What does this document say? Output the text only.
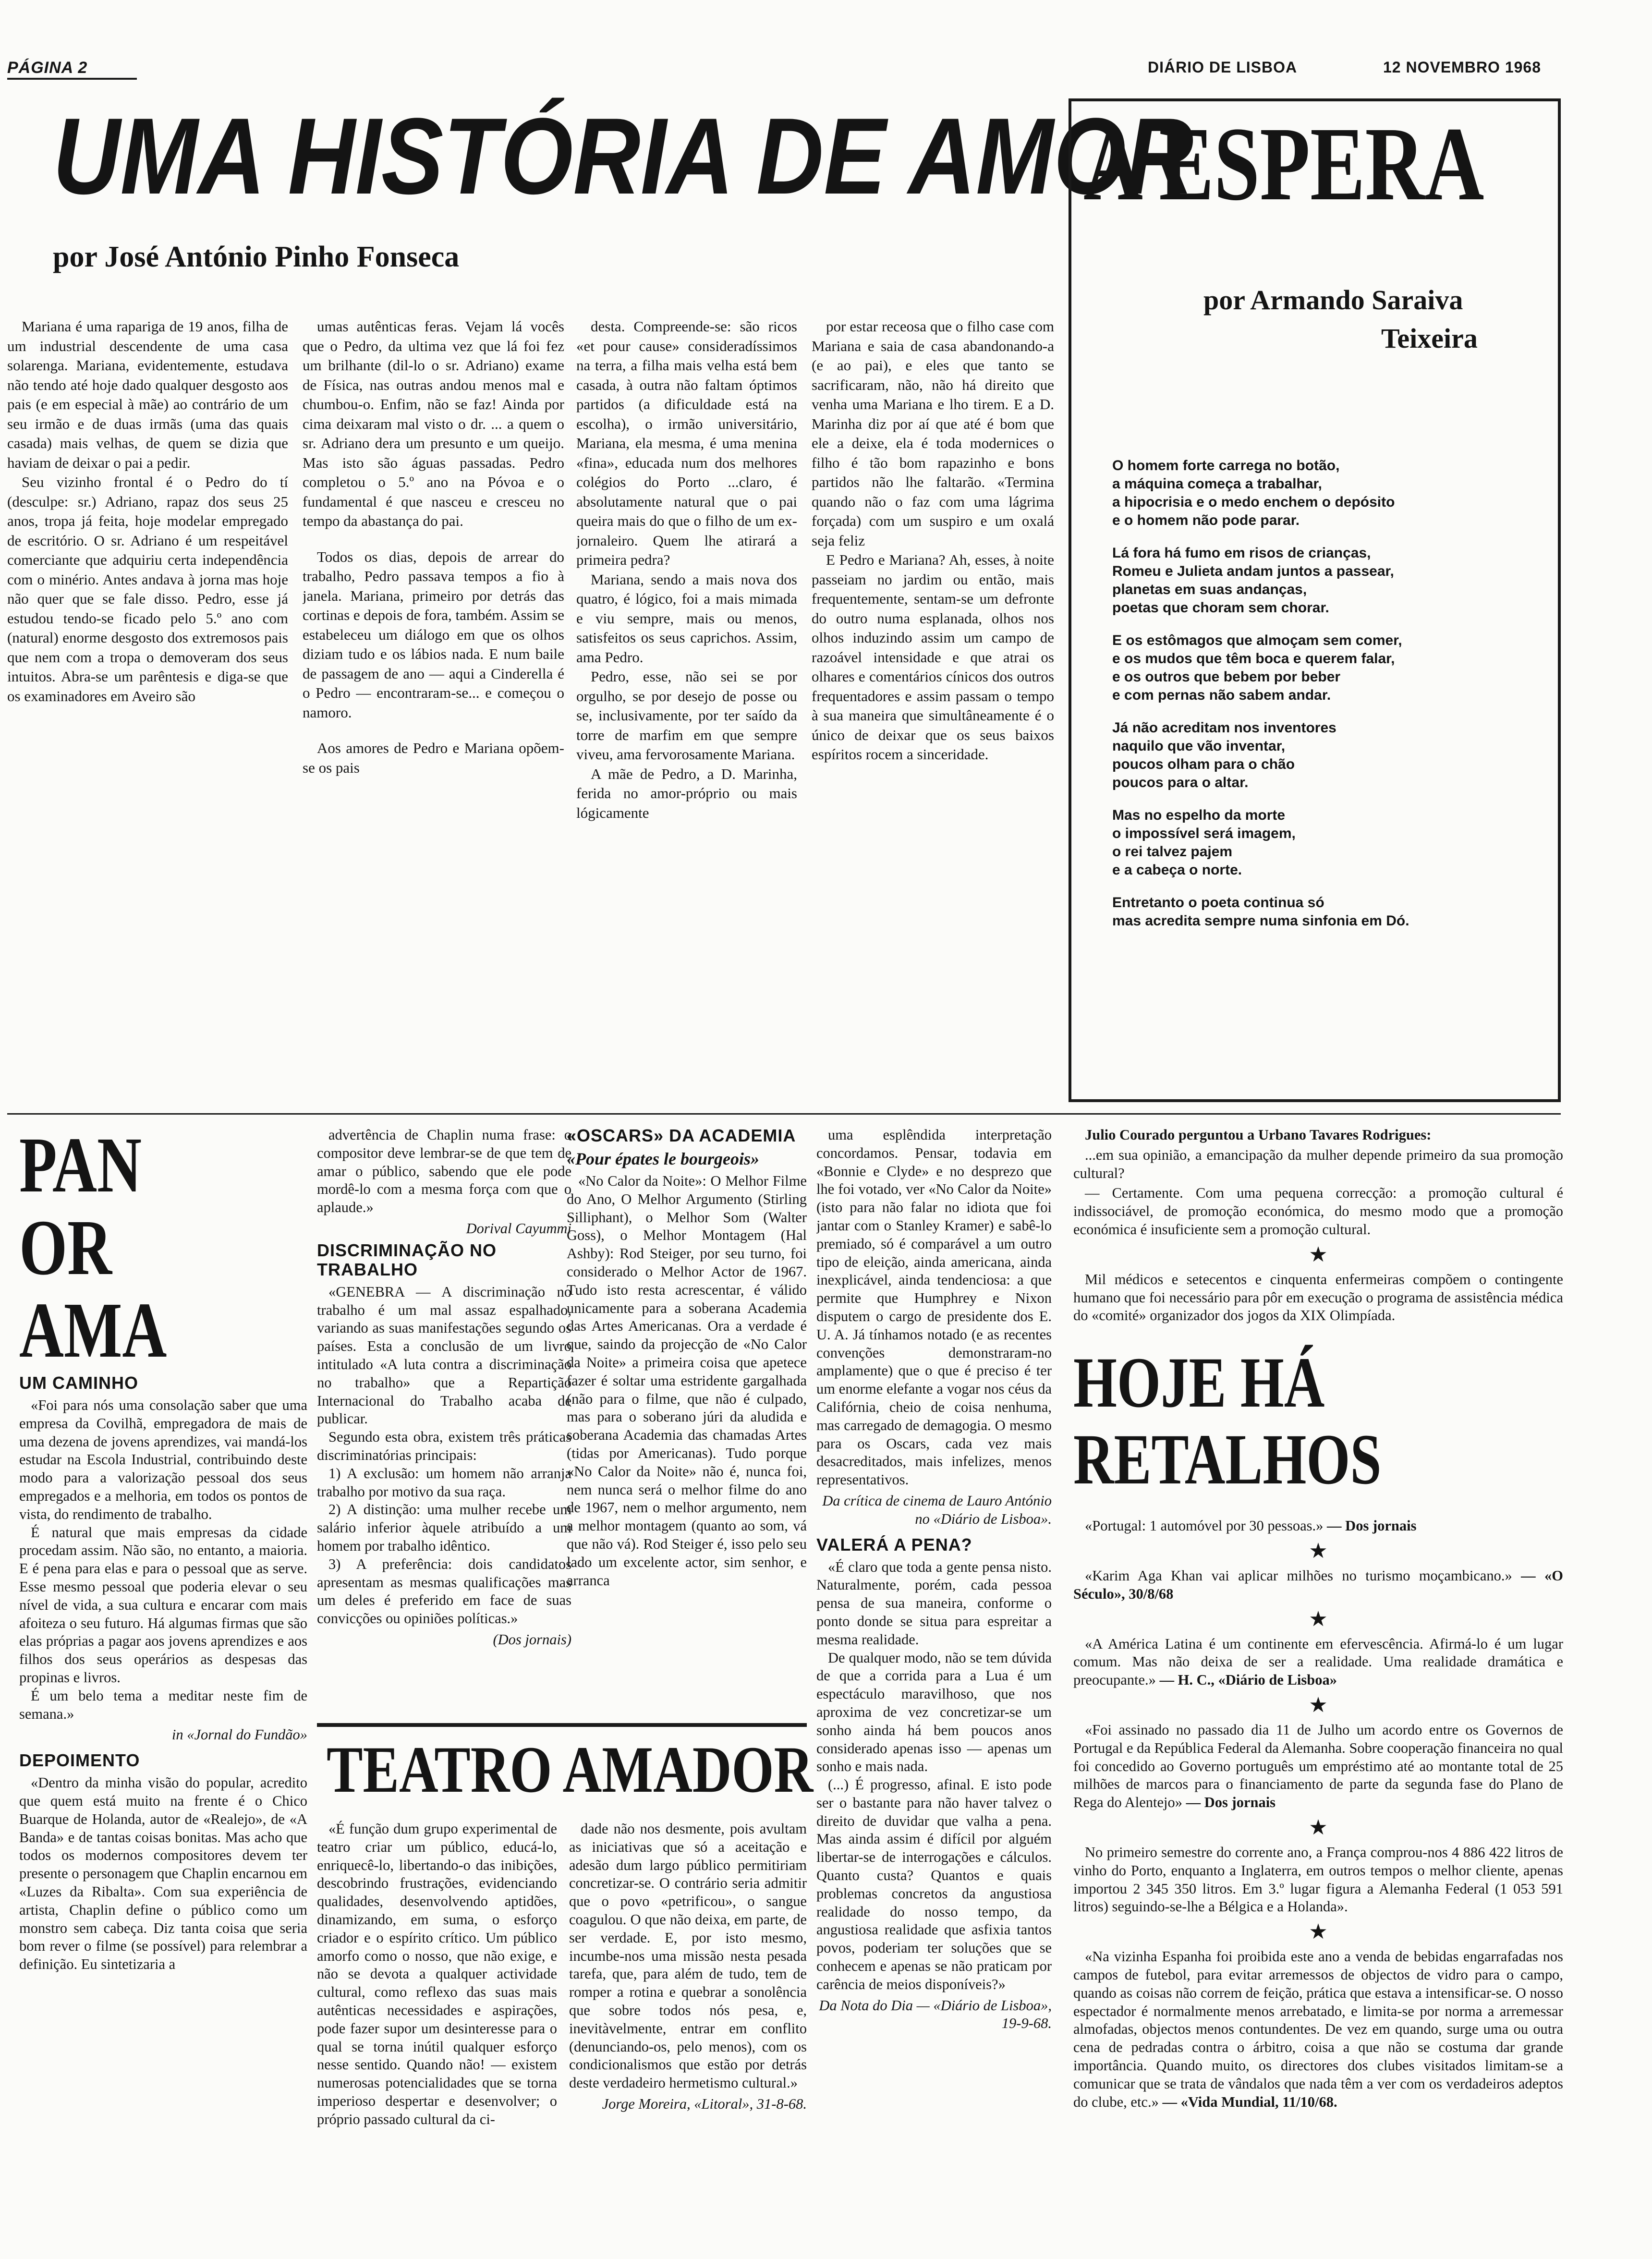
PÁGINA 2	DIÁRIO DE LISBOA	12 NOVEMBRO 1968
UMA HISTÓRIA DE AMOR
por José António Pinho Fonseca

Mariana é uma rapariga de 19 anos, filha de um industrial descendente de uma casa solarenga. Mariana, evidentemente, estudava não tendo até hoje dado qualquer desgosto aos pais (e em especial à mãe) ao contrário de um seu irmão e de duas irmãs (uma das quais casada) mais velhas, de quem se dizia que haviam de deixar o pai a pedir.

Seu vizinho frontal é o Pedro do tí (desculpe: sr.) Adriano, rapaz dos seus 25 anos, tropa já feita, hoje modelar empregado de escritório. O sr. Adriano é um respeitável comerciante que adquiriu certa independência com o minério. Antes andava à jorna mas hoje não quer que se fale disso. Pedro, esse já estudou tendo-se ficado pelo 5.º ano com (natural) enorme desgosto dos extremosos pais que nem com a tropa o demoveram dos seus intuitos. Abra-se um parêntesis e diga-se que os examinadores em Aveiro são

umas autênticas feras. Vejam lá vocês que o Pedro, da ultima vez que lá foi fez um brilhante (dil-lo o sr. Adriano) exame de Física, nas outras andou menos mal e chumbou-o. Enfim, não se faz! Ainda por cima deixaram mal visto o dr. ... a quem o sr. Adriano dera um presunto e um queijo. Mas isto são águas passadas. Pedro completou o 5.º ano na Póvoa e o fundamental é que nasceu e cresceu no tempo da abastança do pai.

Todos os dias, depois de arrear do trabalho, Pedro passava tempos a fio à janela. Mariana, primeiro por detrás das cortinas e depois de fora, também. Assim se estabeleceu um diálogo em que os olhos diziam tudo e os lábios nada. E num baile de passagem de ano — aqui a Cinderella é o Pedro — encontraram-se... e começou o namoro.

Aos amores de Pedro e Mariana opõem-se os pais

desta. Compreende-se: são ricos «et pour cause» consideradíssimos na terra, a filha mais velha está bem casada, à outra não faltam óptimos partidos (a dificuldade está na escolha), o irmão universitário, Mariana, ela mesma, é uma menina «fina», educada num dos melhores colégios do Porto ...claro, é absolutamente natural que o pai queira mais do que o filho de um ex-jornaleiro. Quem lhe atirará a primeira pedra?

Mariana, sendo a mais nova dos quatro, é lógico, foi a mais mimada e viu sempre, mais ou menos, satisfeitos os seus caprichos. Assim, ama Pedro.

Pedro, esse, não sei se por orgulho, se por desejo de posse ou se, inclusivamente, por ter saído da torre de marfim em que sempre viveu, ama fervorosamente Mariana.

A mãe de Pedro, a D. Marinha, ferida no amor-próprio ou mais lógicamente

por estar receosa que o filho case com Mariana e saia de casa abandonando-a (e ao pai), e eles que tanto se sacrificaram, não, não há direito que venha uma Mariana e lho tirem. E a D. Marinha diz por aí que até é bom que ele a deixe, ela é toda modernices o filho é tão bom rapazinho e bons partidos não lhe faltarão. «Termina quando não o faz com uma lágrima forçada) com um suspiro e um oxalá seja feliz

E Pedro e Mariana? Ah, esses, à noite passeiam no jardim ou então, mais frequentemente, sentam-se um defronte do outro numa esplanada, olhos nos olhos induzindo assim um campo de razoável intensidade e que atrai os olhares e comentários cínicos dos outros frequentadores e assim passam o tempo à sua maneira que simultâneamente é o único de deixar que os seus baixos espíritos rocem a sinceridade.

A ESPERA
por Armando Saraiva
Teixeira
O homem forte carrega no botão,
a máquina começa a trabalhar,
a hipocrisia e o medo enchem o depósito
e o homem não pode parar.
Lá fora há fumo em risos de crianças,
Romeu e Julieta andam juntos a passear,
planetas em suas andanças,
poetas que choram sem chorar.
E os estômagos que almoçam sem comer,
e os mudos que têm boca e querem falar,
e os outros que bebem por beber
e com pernas não sabem andar.
Já não acreditam nos inventores
naquilo que vão inventar,
poucos olham para o chão
poucos para o altar.
Mas no espelho da morte
o impossível será imagem,
o rei talvez pajem
e a cabeça o norte.
Entretanto o poeta continua só
mas acredita sempre numa sinfonia em Dó.
PAN
OR
AMA
UM CAMINHO

«Foi para nós uma consolação saber que uma empresa da Covilhã, empregadora de mais de uma dezena de jovens aprendizes, vai mandá-los estudar na Escola Industrial, contribuindo deste modo para a valorização pessoal dos seus empregados e a melhoria, em todos os pontos de vista, do rendimento de trabalho.

É natural que mais empresas da cidade procedam assim. Não são, no entanto, a maioria. E é pena para elas e para o pessoal que as serve. Esse mesmo pessoal que poderia elevar o seu nível de vida, a sua cultura e encarar com mais afoiteza o seu futuro. Há algumas firmas que são elas próprias a pagar aos jovens aprendizes e aos filhos dos seus operários as despesas das propinas e livros.

É um belo tema a meditar neste fim de semana.»

in «Jornal do Fundão»
DEPOIMENTO

«Dentro da minha visão do popular, acredito que quem está muito na frente é o Chico Buarque de Holanda, autor de «Realejo», de «A Banda» e de tantas coisas bonitas. Mas acho que todos os modernos compositores devem ter presente o personagem que Chaplin encarnou em «Luzes da Ribalta». Com sua experiência de artista, Chaplin define o público como um monstro sem cabeça. Diz tanta coisa que seria bom rever o filme (se possível) para relembrar a definição. Eu sintetizaria a

advertência de Chaplin numa frase: o compositor deve lembrar-se de que tem de amar o público, sabendo que ele pode mordê-lo com a mesma força com que o aplaude.»

Dorival Cayummi
DISCRIMINAÇÃO NO TRABALHO

«GENEBRA — A discriminação no trabalho é um mal assaz espalhado, variando as suas manifestações segundo os países. Esta a conclusão de um livro intitulado «A luta contra a discriminação no trabalho» que a Repartição Internacional do Trabalho acaba de publicar.

Segundo esta obra, existem três práticas discriminatórias principais:

1) A exclusão: um homem não arranja trabalho por motivo da sua raça.

2) A distinção: uma mulher recebe um salário inferior àquele atribuído a um homem por trabalho idêntico.

3) A preferência: dois candidatos apresentam as mesmas qualificações mas um deles é preferido em face de suas convicções ou opiniões políticas.»

(Dos jornais)
«OSCARS» DA ACADEMIA
«Pour épates le bourgeois»

«No Calor da Noite»: O Melhor Filme do Ano, O Melhor Argumento (Stirling Silliphant), o Melhor Som (Walter Goss), o Melhor Montagem (Hal Ashby): Rod Steiger, por seu turno, foi considerado o Melhor Actor de 1967. Tudo isto resta acrescentar, é válido unicamente para a soberana Academia das Artes Americanas. Ora a verdade é que, saindo da projecção de «No Calor da Noite» a primeira coisa que apetece fazer é soltar uma estridente gargalhada (não para o filme, que não é culpado, mas para o soberano júri da aludida e soberana Academia das chamadas Artes (tidas por Americanas). Tudo porque «No Calor da Noite» não é, nunca foi, nem nunca será o melhor filme do ano de 1967, nem o melhor argumento, nem a melhor montagem (quanto ao som, vá que não vá). Rod Steiger é, isso pelo seu lado um excelente actor, sim senhor, e arranca

uma esplêndida interpretação concordamos. Pensar, todavia em «Bonnie e Clyde» e no desprezo que lhe foi votado, ver «No Calor da Noite» (isto para não falar no idiota que foi jantar com o Stanley Kramer) e sabê-lo premiado, só é comparável a um outro tipo de eleição, ainda americana, ainda inexplicável, ainda tendenciosa: a que permite que Humphrey e Nixon disputem o cargo de presidente dos E. U. A. Já tínhamos notado (e as recentes convenções demonstraram-no amplamente) que o que é preciso é ter um enorme elefante a vogar nos céus da Califórnia, cheio de coisa nenhuma, mas carregado de demagogia. O mesmo para os Oscars, cada vez mais desacreditados, mais infelizes, menos representativos.

Da crítica de cinema de Lauro António no «Diário de Lisboa».
VALERÁ A PENA?

«É claro que toda a gente pensa nisto. Naturalmente, porém, cada pessoa pensa de sua maneira, conforme o ponto donde se situa para espreitar a mesma realidade.

De qualquer modo, não se tem dúvida de que a corrida para a Lua é um espectáculo maravilhoso, que nos aproxima de vez concretizar-se um sonho ainda há bem poucos anos considerado apenas isso — apenas um sonho e mais nada.

(...) É progresso, afinal. E isto pode ser o bastante para não haver talvez o direito de duvidar que valha a pena. Mas ainda assim é difícil por alguém libertar-se de interrogações e cálculos. Quanto custa? Quantos e quais problemas concretos da angustiosa realidade do nosso tempo, da angustiosa realidade que asfixia tantos povos, poderiam ter soluções que se conhecem e apenas se não praticam por carência de meios disponíveis?»

Da Nota do Dia — «Diário de Lisboa», 19-9-68.
TEATRO AMADOR

«É função dum grupo experimental de teatro criar um público, educá-lo, enriquecê-lo, libertando-o das inibições, descobrindo frustrações, evidenciando qualidades, desenvolvendo aptidões, dinamizando, em suma, o esforço criador e o espírito crítico. Um público amorfo como o nosso, que não exige, e não se devota a qualquer actividade cultural, como reflexo das suas mais autênticas necessidades e aspirações, pode fazer supor um desinteresse para o qual se torna inútil qualquer esforço nesse sentido. Quando não! — existem numerosas potencialidades que se torna imperioso despertar e desenvolver; o próprio passado cultural da ci-

dade não nos desmente, pois avultam as iniciativas que só a aceitação e adesão dum largo público permitiriam concretizar-se. O contrário seria admitir que o povo «petrificou», o sangue coagulou. O que não deixa, em parte, de ser verdade. E, por isto mesmo, incumbe-nos uma missão nesta pesada tarefa, que, para além de tudo, tem de romper a rotina e quebrar a sonolência que sobre todos nós pesa, e, inevitàvelmente, entrar em conflito (denunciando-os, pelo menos), com os condicionalismos que estão por detrás deste verdadeiro hermetismo cultural.»

Jorge Moreira, «Litoral», 31-8-68.

Julio Courado perguntou a Urbano Tavares Rodrigues:

...em sua opinião, a emancipação da mulher depende primeiro da sua promoção cultural?

— Certamente. Com uma pequena correcção: a promoção cultural é indissociável, de promoção económica, do mesmo modo que a promoção económica é insuficiente sem a promoção cultural.

★

Mil médicos e setecentos e cinquenta enfermeiras compõem o contingente humano que foi necessário para pôr em execução o programa de assistência médica do «comité» organizador dos jogos da XIX Olimpíada.

HOJE HÁ
RETALHOS

«Portugal: 1 automóvel por 30 pessoas.» — Dos jornais

★

«Karim Aga Khan vai aplicar milhões no turismo moçambicano.» — «O Século», 30/8/68

★

«A América Latina é um continente em efervescência. Afirmá-lo é um lugar comum. Mas não deixa de ser a realidade. Uma realidade dramática e preocupante.» — H. C., «Diário de Lisboa»

★

«Foi assinado no passado dia 11 de Julho um acordo entre os Governos de Portugal e da República Federal da Alemanha. Sobre cooperação financeira no qual foi concedido ao Governo português um empréstimo até ao montante total de 25 milhões de marcos para o financiamento de parte da segunda fase do Plano de Rega do Alentejo» — Dos jornais

★

No primeiro semestre do corrente ano, a França comprou-nos 4 886 422 litros de vinho do Porto, enquanto a Inglaterra, em outros tempos o melhor cliente, apenas importou 2 345 350 litros. Em 3.º lugar figura a Alemanha Federal (1 053 591 litros) seguindo-se-lhe a Bélgica e a Holanda».

★

«Na vizinha Espanha foi proibida este ano a venda de bebidas engarrafadas nos campos de futebol, para evitar arremessos de objectos de vidro para o campo, quando as coisas não correm de feição, prática que estava a intensificar-se. O nosso espectador é normalmente menos arrebatado, e limita-se por norma a arremessar almofadas, objectos menos contundentes. De vez em quando, surge uma ou outra cena de pedradas contra o árbitro, coisa a que não se costuma dar grande importância. Quando muito, os directores dos clubes visitados limitam-se a comunicar que se trata de vândalos que nada têm a ver com os verdadeiros adeptos do clube, etc.» — «Vida Mundial, 11/10/68.
